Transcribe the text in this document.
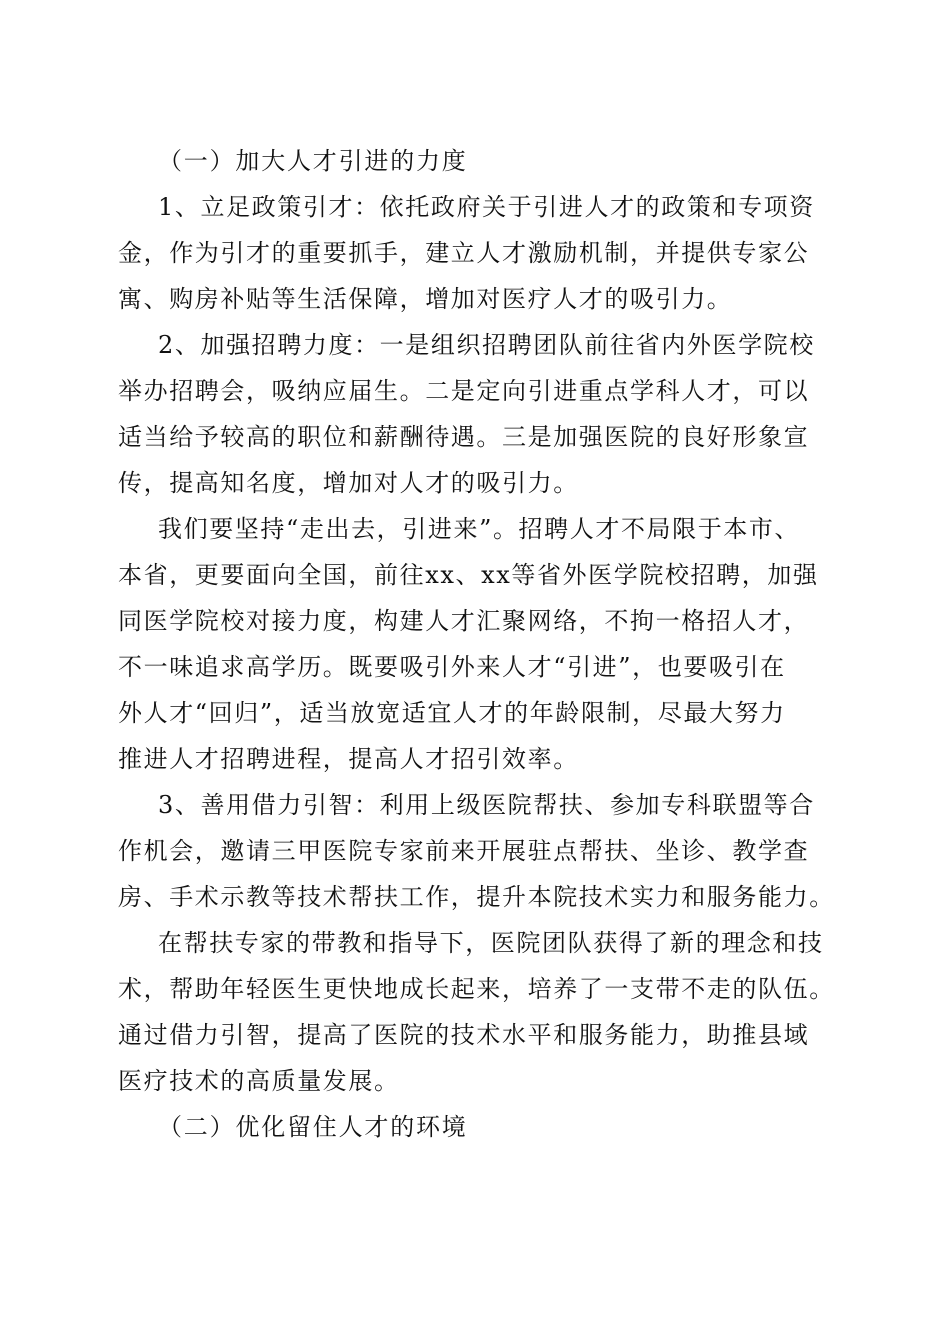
（一）加大人才引进的力度
1、立足政策引才：依托政府关于引进人才的政策和专项资
金，作为引才的重要抓手，建立人才激励机制，并提供专家公
寓、购房补贴等生活保障，增加对医疗人才的吸引力。
2、加强招聘力度：一是组织招聘团队前往省内外医学院校
举办招聘会，吸纳应届生。二是定向引进重点学科人才，可以
适当给予较高的职位和薪酬待遇。三是加强医院的良好形象宣
传，提高知名度，增加对人才的吸引力。
我们要坚持“走出去，引进来”。招聘人才不局限于本市、
本省，更要面向全国，前往xx、xx等省外医学院校招聘，加强
同医学院校对接力度，构建人才汇聚网络，不拘一格招人才，
不一味追求高学历。既要吸引外来人才“引进”，也要吸引在
外人才“回归”，适当放宽适宜人才的年龄限制，尽最大努力
推进人才招聘进程，提高人才招引效率。
3、善用借力引智：利用上级医院帮扶、参加专科联盟等合
作机会，邀请三甲医院专家前来开展驻点帮扶、坐诊、教学查
房、手术示教等技术帮扶工作，提升本院技术实力和服务能力。
在帮扶专家的带教和指导下，医院团队获得了新的理念和技
术，帮助年轻医生更快地成长起来，培养了一支带不走的队伍。
通过借力引智，提高了医院的技术水平和服务能力，助推县域
医疗技术的高质量发展。
（二）优化留住人才的环境
